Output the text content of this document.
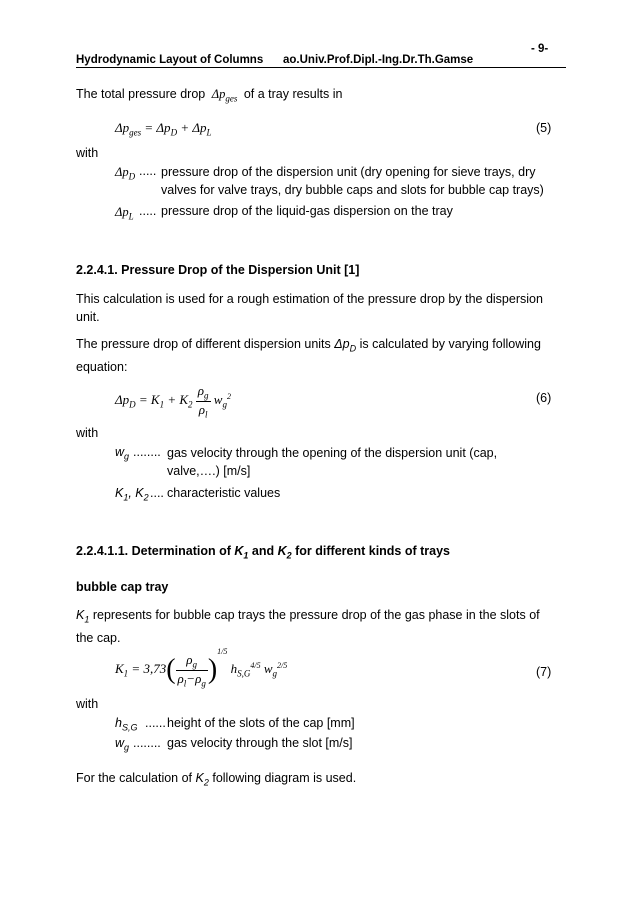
Hydrodynamic Layout of Columns ao.Univ.Prof.Dipl.-Ing.Dr.Th.Gamse
- 9-
The total pressure drop $\Delta p_{ges}$ of a tray results in
$\Delta p_{ges} = \Delta p_D + \Delta p_L$	(5)
with
$\Delta p_D$ ..... pressure drop of the dispersion unit (dry opening for sieve trays, dry
valves for valve trays, dry bubble caps and slots for bubble cap trays)
$\Delta p_L$ ..... pressure drop of the liquid-gas dispersion on the tray
2.2.4.1. Pressure Drop of the Dispersion Unit [1]
This calculation is used for a rough estimation of the pressure drop by the dispersion
unit.
The pressure drop of different dispersion units $\Delta p_D$ is calculated by varying following
equation:
$\Delta p_D = K_1 + K_2 \frac{\rho_g}{\rho_l} w_g^2$	(6)
with
$w_g$ ........ gas velocity through the opening of the dispersion unit (cap,
valve,….) [m/s]
$K_1$, $K_2$ .... characteristic values
2.2.4.1.1. Determination of $K_1$ and $K_2$ for different kinds of trays
bubble cap tray
$K_1$ represents for bubble cap trays the pressure drop of the gas phase in the slots of
the cap.
$K_1 = 3,73( \frac{\rho_g}{\rho_l-\rho_g} )^{1/5}$ $h_{S,G}^{4/5}$ $w_g^{2/5}$	(7)
with
$h_{S,G}$ ...... height of the slots of the cap [mm]
$w_g$ ........ gas velocity through the slot [m/s]
For the calculation of $K_2$ following diagram is used.
